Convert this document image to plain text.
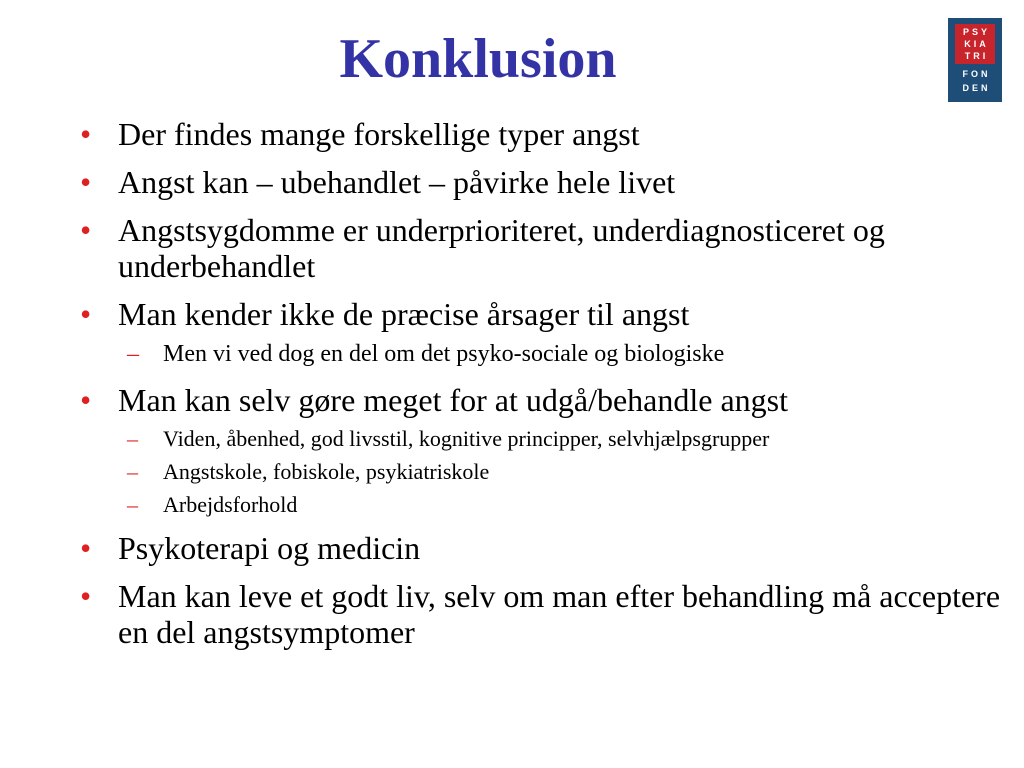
Konklusion	PSY
KIA
TRI
FON
DEN
• Der findes mange forskellige typer angst
• Angst kan – ubehandlet – påvirke hele livet
• Angstsygdomme er underprioriteret, underdiagnosticeret og underbehandlet
• Man kender ikke de præcise årsager til angst
– Men vi ved dog en del om det psyko-sociale og biologiske
• Man kan selv gøre meget for at udgå/behandle angst
– Viden, åbenhed, god livsstil, kognitive principper, selvhjælpsgrupper
– Angstskole, fobiskole, psykiatriskole
– Arbejdsforhold
• Psykoterapi og medicin
• Man kan leve et godt liv, selv om man efter behandling må acceptere en del angstsymptomer
